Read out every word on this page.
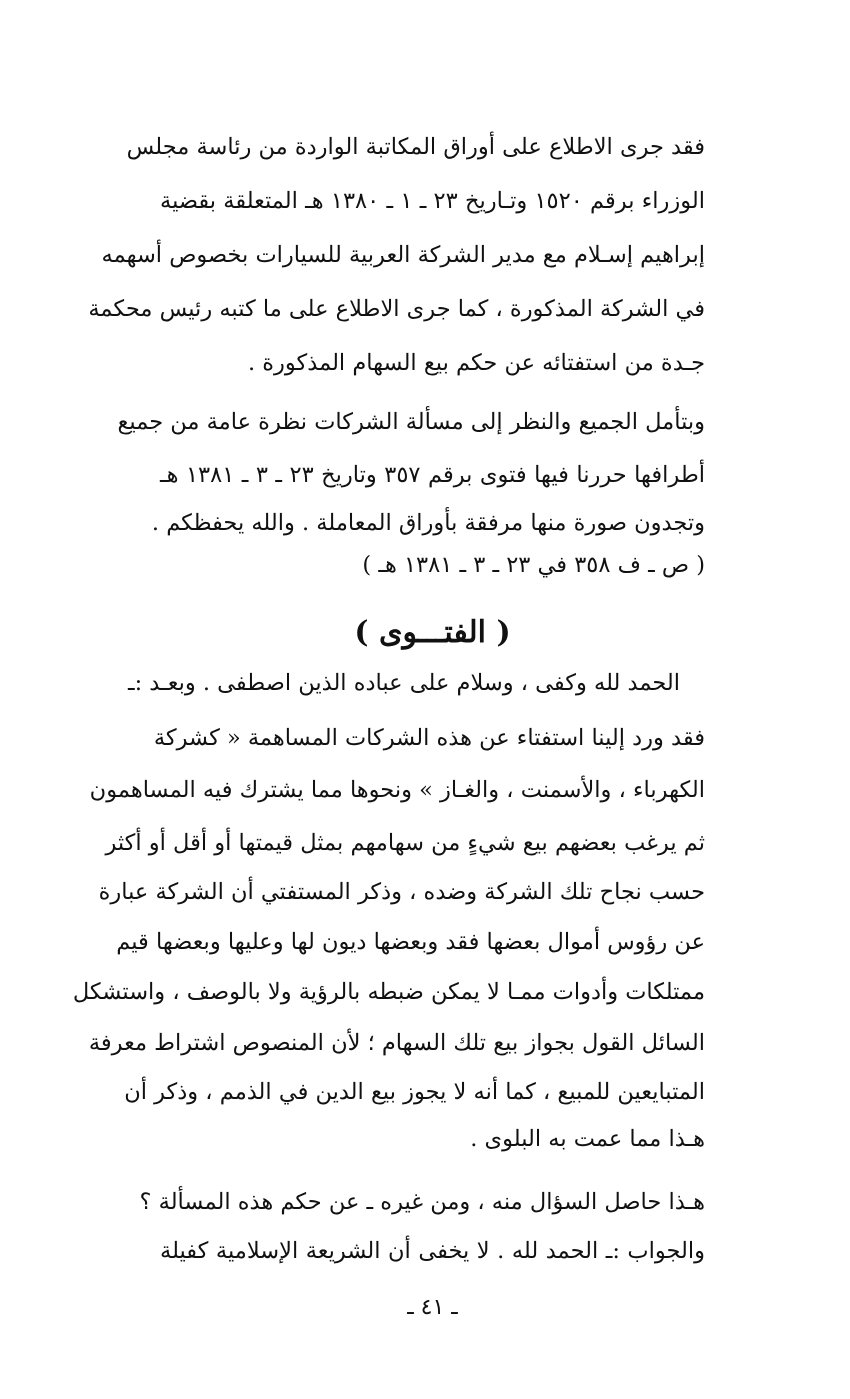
فقد جرى الاطلاع على أوراق المكاتبة الواردة من رئاسة مجلس
الوزراء برقم ١٥٢٠ وتـاريخ ٢٣ ـ ١ ـ ١٣٨٠ هـ المتعلقة بقضية
إبراهيم إسـلام مع مدير الشركة العربية للسيارات بخصوص أسهمه
في الشركة المذكورة ، كما جرى الاطلاع على ما كتبه رئيس محكمة
جـدة من استفتائه عن حكم بيع السهام المذكورة .
وبتأمل الجميع والنظر إلى مسألة الشركات نظرة عامة من جميع
أطرافها حررنا فيها فتوى برقم ٣٥٧ وتاريخ ٢٣ ـ ٣ ـ ١٣٨١ هـ
وتجدون صورة منها مرفقة بأوراق المعاملة . والله يحفظكم .
( ص ـ ف ٣٥٨ في ٢٣ ـ ٣ ـ ١٣٨١ هـ )
( الفتـــوى )
الحمد لله وكفى ، وسلام على عباده الذين اصطفى . وبعـد :ـ
فقد ورد إلينا استفتاء عن هذه الشركات المساهمة « كشركة
الكهرباء ، والأسمنت ، والغـاز » ونحوها مما يشترك فيه المساهمون
ثم يرغب بعضهم بيع شيءٍ من سهامهم بمثل قيمتها أو أقل أو أكثر
حسب نجاح تلك الشركة وضده ، وذكر المستفتي أن الشركة عبارة
عن رؤوس أموال بعضها فقد وبعضها ديون لها وعليها وبعضها قيم
ممتلكات وأدوات ممـا لا يمكن ضبطه بالرؤية ولا بالوصف ، واستشكل
السائل القول بجواز بيع تلك السهام ؛ لأن المنصوص اشتراط معرفة
المتبايعين للمبيع ، كما أنه لا يجوز بيع الدين في الذمم ، وذكر أن
هـذا مما عمت به البلوى .
هـذا حاصل السؤال منه ، ومن غيره ـ عن حكم هذه المسألة ؟
والجواب :ـ الحمد لله . لا يخفى أن الشريعة الإسلامية كفيلة
ـ ٤١ ـ
